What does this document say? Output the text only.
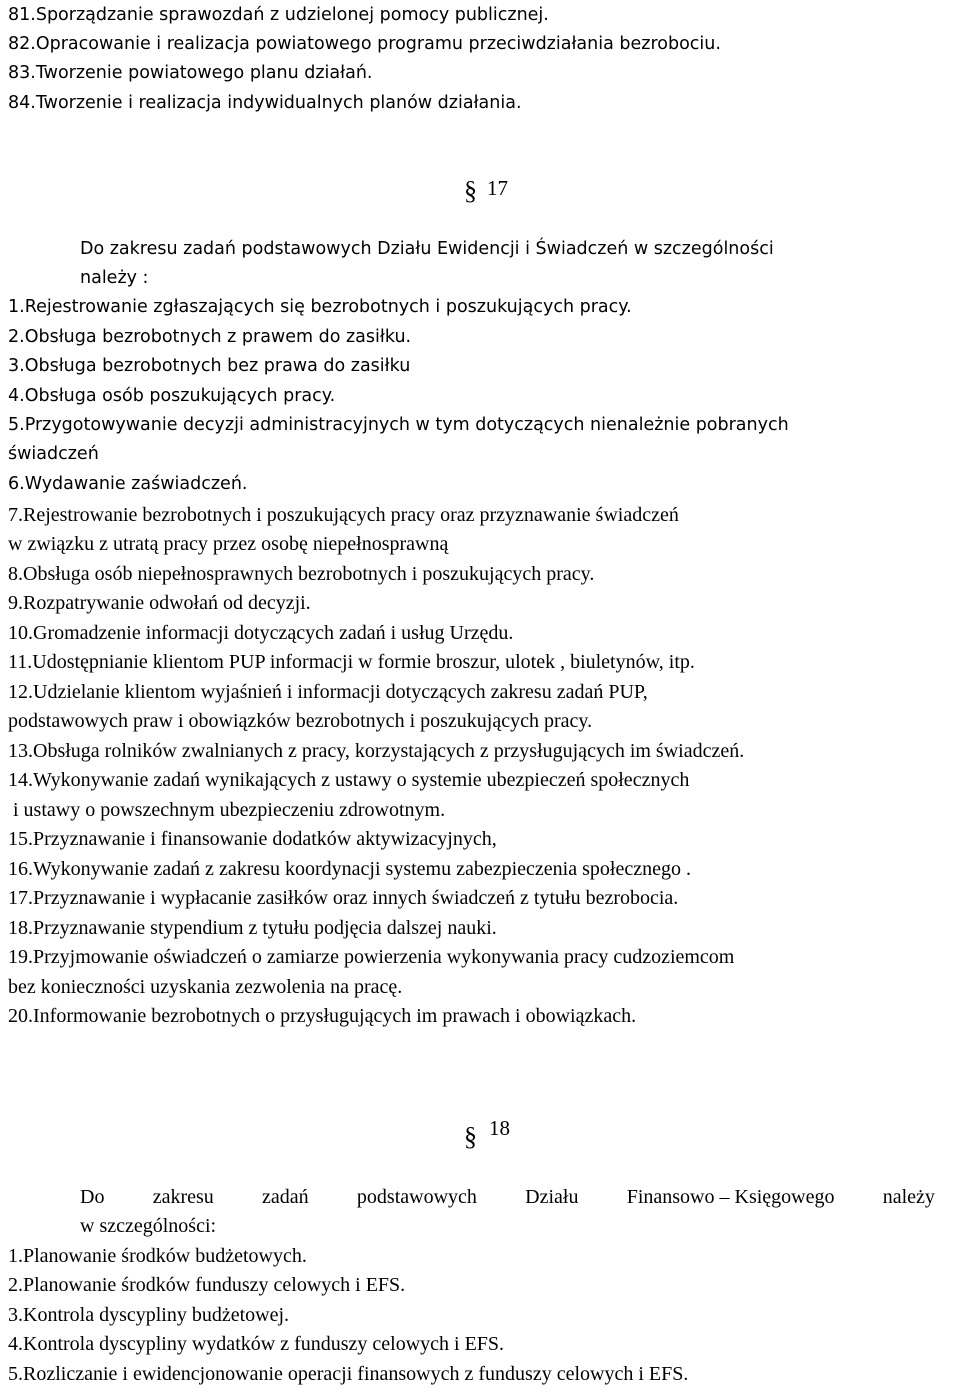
81.Sporządzanie sprawozdań z udzielonej pomocy publicznej.
82.Opracowanie i realizacja powiatowego programu przeciwdziałania bezrobociu.
83.Tworzenie powiatowego planu działań.
84.Tworzenie i realizacja indywidualnych planów działania.
§ 17
Do zakresu zadań podstawowych Działu Ewidencji i Świadczeń w szczególności
należy :
1.Rejestrowanie zgłaszających się bezrobotnych i poszukujących pracy.
2.Obsługa bezrobotnych z prawem do zasiłku.
3.Obsługa bezrobotnych bez prawa do zasiłku
4.Obsługa osób poszukujących pracy.
5.Przygotowywanie decyzji administracyjnych w tym dotyczących nienależnie pobranych
świadczeń
6.Wydawanie zaświadczeń.
7.Rejestrowanie bezrobotnych i poszukujących pracy oraz przyznawanie świadczeń
w związku z utratą pracy przez osobę niepełnosprawną
8.Obsługa osób niepełnosprawnych bezrobotnych i poszukujących pracy.
9.Rozpatrywanie odwołań od decyzji.
10.Gromadzenie informacji dotyczących zadań i usług Urzędu.
11.Udostępnianie klientom PUP informacji w formie broszur, ulotek , biuletynów, itp.
12.Udzielanie klientom wyjaśnień i informacji dotyczących zakresu zadań PUP,
podstawowych praw i obowiązków bezrobotnych i poszukujących pracy.
13.Obsługa rolników zwalnianych z pracy, korzystających z przysługujących im świadczeń.
14.Wykonywanie zadań wynikających z ustawy o systemie ubezpieczeń społecznych
i ustawy o powszechnym ubezpieczeniu zdrowotnym.
15.Przyznawanie i finansowanie dodatków aktywizacyjnych,
16.Wykonywanie zadań z zakresu koordynacji systemu zabezpieczenia społecznego .
17.Przyznawanie i wypłacanie zasiłków oraz innych świadczeń z tytułu bezrobocia.
18.Przyznawanie stypendium z tytułu podjęcia dalszej nauki.
19.Przyjmowanie oświadczeń o zamiarze powierzenia wykonywania pracy cudzoziemcom
bez konieczności uzyskania zezwolenia na pracę.
20.Informowanie bezrobotnych o przysługujących im prawach i obowiązkach.
§ 18
Do zakresu zadań podstawowych Działu Finansowo – Księgowego należy
w szczególności:
1.Planowanie środków budżetowych.
2.Planowanie środków funduszy celowych i EFS.
3.Kontrola dyscypliny budżetowej.
4.Kontrola dyscypliny wydatków z funduszy celowych i EFS.
5.Rozliczanie i ewidencjonowanie operacji finansowych z funduszy celowych i EFS.
